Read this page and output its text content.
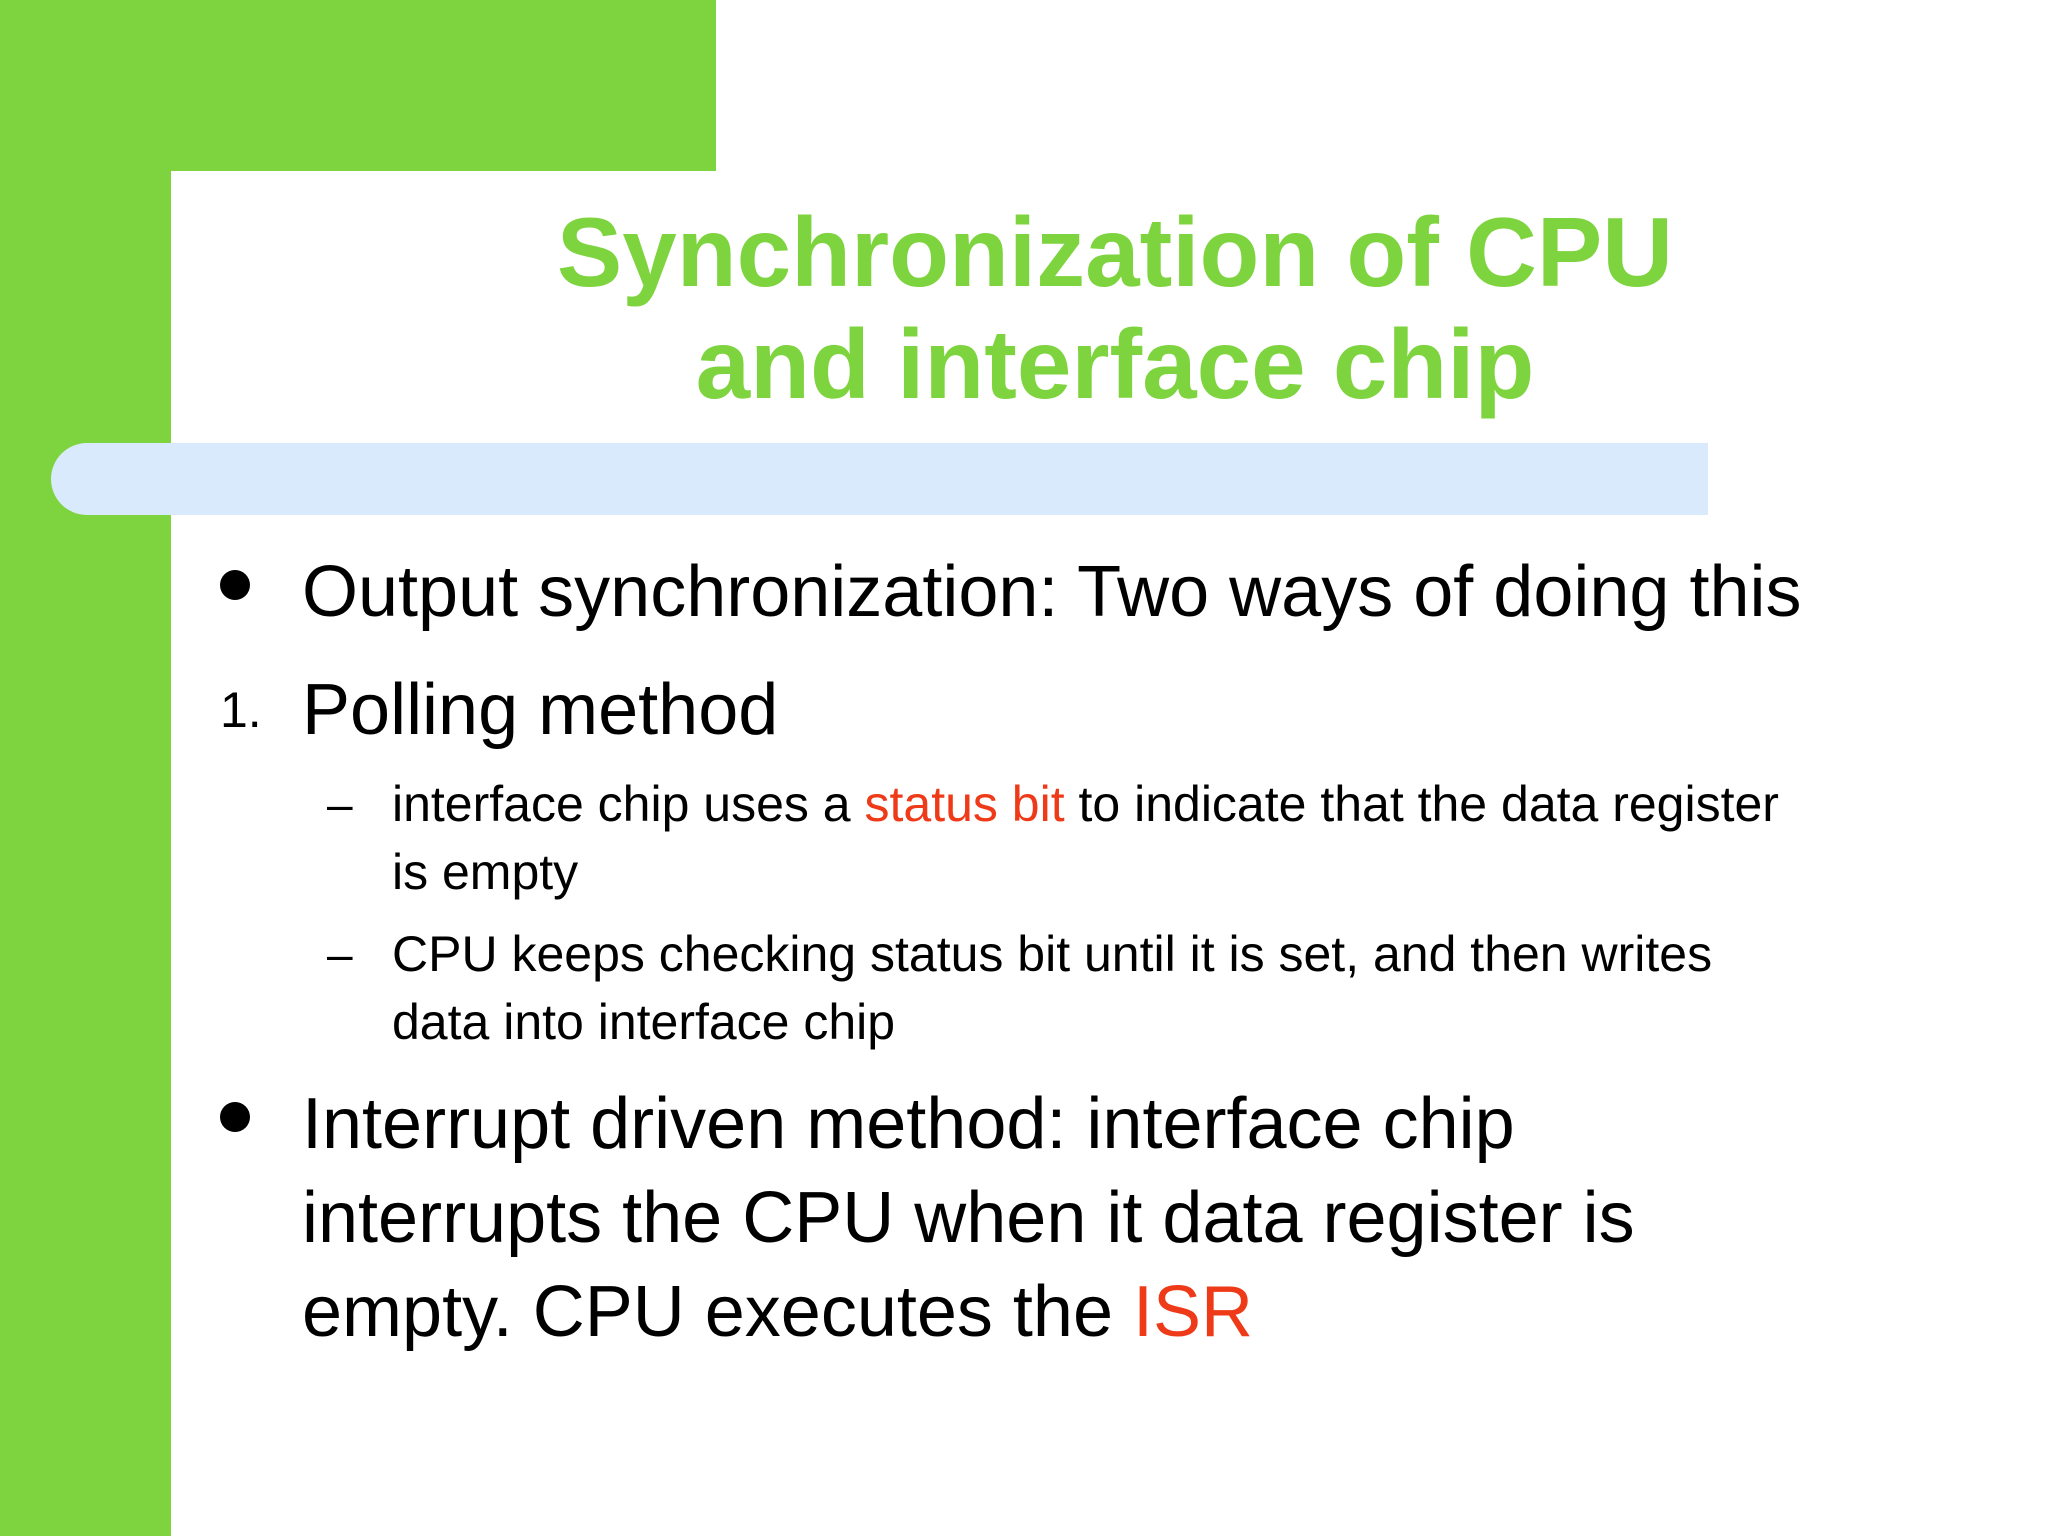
Synchronization of CPU
and interface chip
Output synchronization: Two ways of doing this
1. Polling method
– interface chip uses a status bit to indicate that the data register
is empty
– CPU keeps checking status bit until it is set, and then writes
data into interface chip
Interrupt driven method: interface chip
interrupts the CPU when it data register is
empty. CPU executes the ISR
